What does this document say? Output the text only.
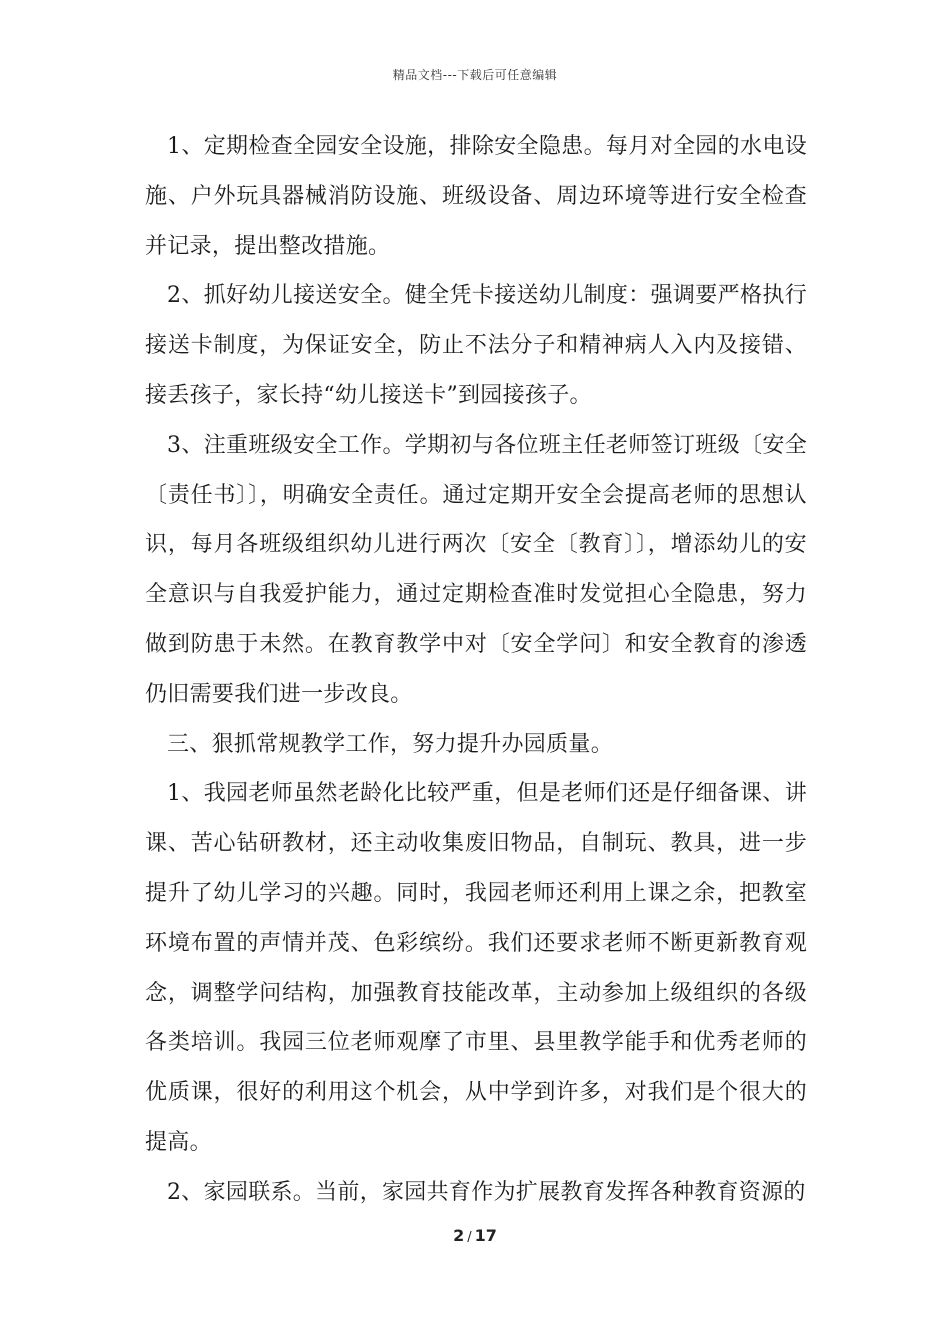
精品文档---下载后可任意编辑

1、定期检查全园安全设施，排除安全隐患。每月对全园的水电设施、户外玩具器械消防设施、班级设备、周边环境等进行安全检查并记录，提出整改措施。

2、抓好幼儿接送安全。健全凭卡接送幼儿制度：强调要严格执行接送卡制度，为保证安全，防止不法分子和精神病人入内及接错、接丢孩子，家长持“幼儿接送卡”到园接孩子。

3、注重班级安全工作。学期初与各位班主任老师签订班级〔安全〔责任书〕〕，明确安全责任。通过定期开安全会提高老师的思想认识，每月各班级组织幼儿进行两次〔安全〔教育〕〕，增添幼儿的安全意识与自我爱护能力，通过定期检查准时发觉担心全隐患，努力做到防患于未然。在教育教学中对〔安全学问〕和安全教育的渗透仍旧需要我们进一步改良。

三、狠抓常规教学工作，努力提升办园质量。

1、我园老师虽然老龄化比较严重，但是老师们还是仔细备课、讲课、苦心钻研教材，还主动收集废旧物品，自制玩、教具，进一步提升了幼儿学习的兴趣。同时，我园老师还利用上课之余，把教室环境布置的声情并茂、色彩缤纷。我们还要求老师不断更新教育观念，调整学问结构，加强教育技能改革，主动参加上级组织的各级各类培训。我园三位老师观摩了市里、县里教学能手和优秀老师的优质课，很好的利用这个机会，从中学到许多，对我们是个很大的提高。

2、家园联系。当前，家园共育作为扩展教育发挥各种教育资源的

2 / 17
